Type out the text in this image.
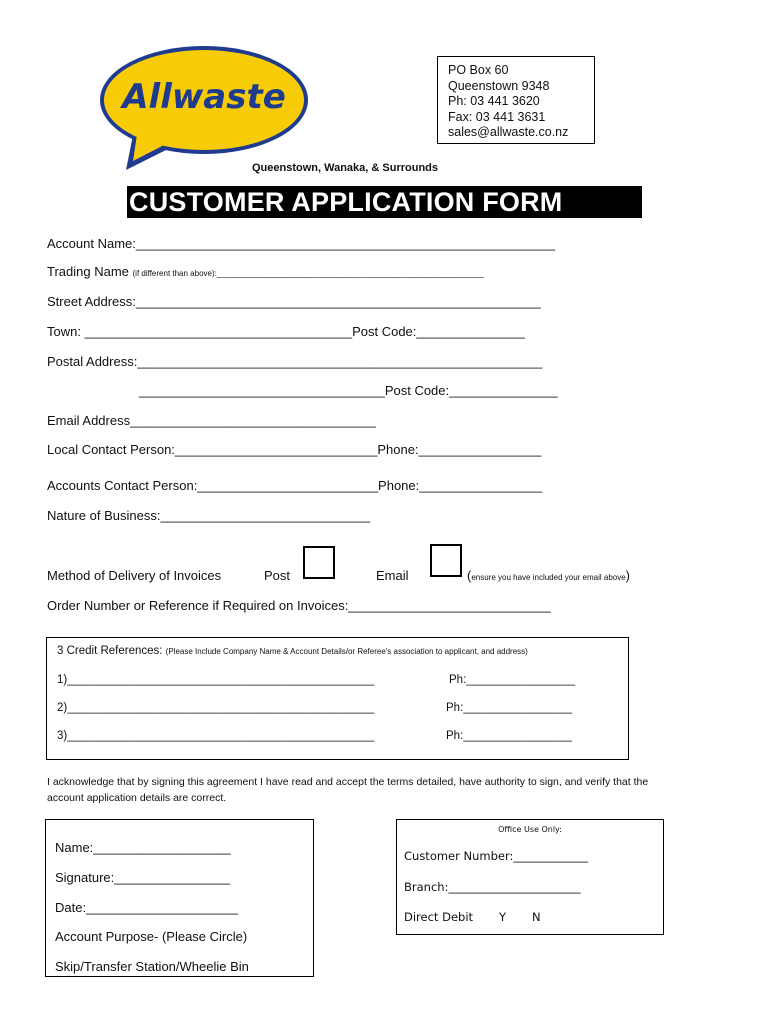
Allwaste
PO Box 60
Queenstown 9348
Ph: 03 441 3620
Fax: 03 441 3631
sales@allwaste.co.nz
Queenstown, Wanaka, & Surrounds
CUSTOMER APPLICATION FORM
Account Name:__________________________________________________________
Trading Name (if different than above):____________________________________________________________
Street Address:________________________________________________________
Town: _____________________________________Post Code:_______________
Postal Address:________________________________________________________
__________________________________Post Code:_______________
Email Address__________________________________
Local Contact Person:____________________________Phone:_________________
Accounts Contact Person:_________________________Phone:_________________
Nature of Business:_____________________________
Method of Delivery of Invoices	Post	Email	(ensure you have included your email above)
Order Number or Reference if Required on Invoices:____________________________
3 Credit References: (Please Include Company Name & Account Details/or Referee's association to applicant, and address)
1)________________________________________________	Ph:_________________
2)________________________________________________	Ph:_________________
3)________________________________________________	Ph:_________________
I acknowledge that by signing this agreement I have read and accept the terms detailed, have authority to sign, and verify that the
account application details are correct.
Name:___________________
Signature:________________
Date:_____________________
Account Purpose- (Please Circle)
Skip/Transfer Station/Wheelie Bin
Office Use Only:
Customer Number:_____________
Branch:_______________________
Direct Debit Y N
